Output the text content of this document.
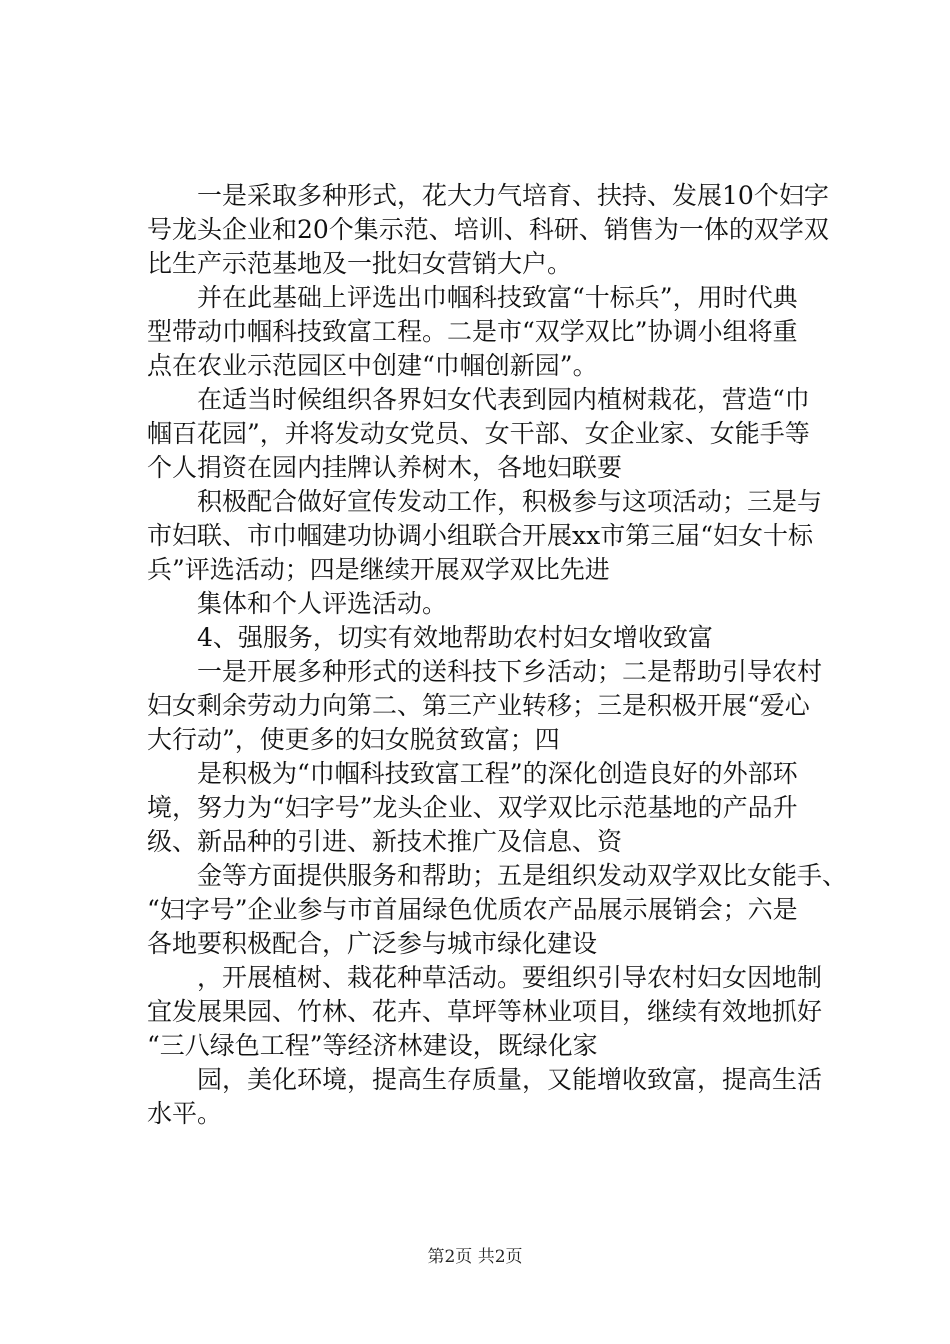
　　一是采取多种形式，花大力气培育、扶持、发展10个妇字
号龙头企业和20个集示范、培训、科研、销售为一体的双学双
比生产示范基地及一批妇女营销大户。
　　并在此基础上评选出巾帼科技致富“十标兵”，用时代典
型带动巾帼科技致富工程。二是市“双学双比”协调小组将重
点在农业示范园区中创建“巾帼创新园”。
　　在适当时候组织各界妇女代表到园内植树栽花，营造“巾
帼百花园”，并将发动女党员、女干部、女企业家、女能手等
个人捐资在园内挂牌认养树木，各地妇联要
　　积极配合做好宣传发动工作，积极参与这项活动；三是与
市妇联、市巾帼建功协调小组联合开展xx市第三届“妇女十标
兵”评选活动；四是继续开展双学双比先进
　　集体和个人评选活动。
　　4、强服务，切实有效地帮助农村妇女增收致富
　　一是开展多种形式的送科技下乡活动；二是帮助引导农村
妇女剩余劳动力向第二、第三产业转移；三是积极开展“爱心
大行动”，使更多的妇女脱贫致富；四
　　是积极为“巾帼科技致富工程”的深化创造良好的外部环
境，努力为“妇字号”龙头企业、双学双比示范基地的产品升
级、新品种的引进、新技术推广及信息、资
　　金等方面提供服务和帮助；五是组织发动双学双比女能手、
“妇字号”企业参与市首届绿色优质农产品展示展销会；六是
各地要积极配合，广泛参与城市绿化建设
　　，开展植树、栽花种草活动。要组织引导农村妇女因地制
宜发展果园、竹林、花卉、草坪等林业项目，继续有效地抓好
“三八绿色工程”等经济林建设，既绿化家
　　园，美化环境，提高生存质量，又能增收致富，提高生活
水平。
第2页 共2页
